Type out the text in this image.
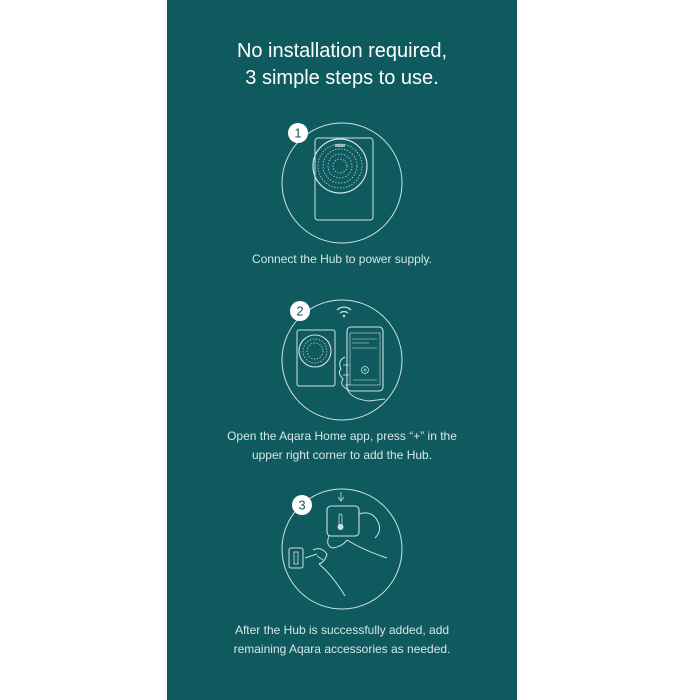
No installation required,
3 simple steps to use.
1
Connect the Hub to power supply.
2
Open the Aqara Home app, press “+” in the
upper right corner to add the Hub.
3
After the Hub is successfully added, add
remaining Aqara accessories as needed.
